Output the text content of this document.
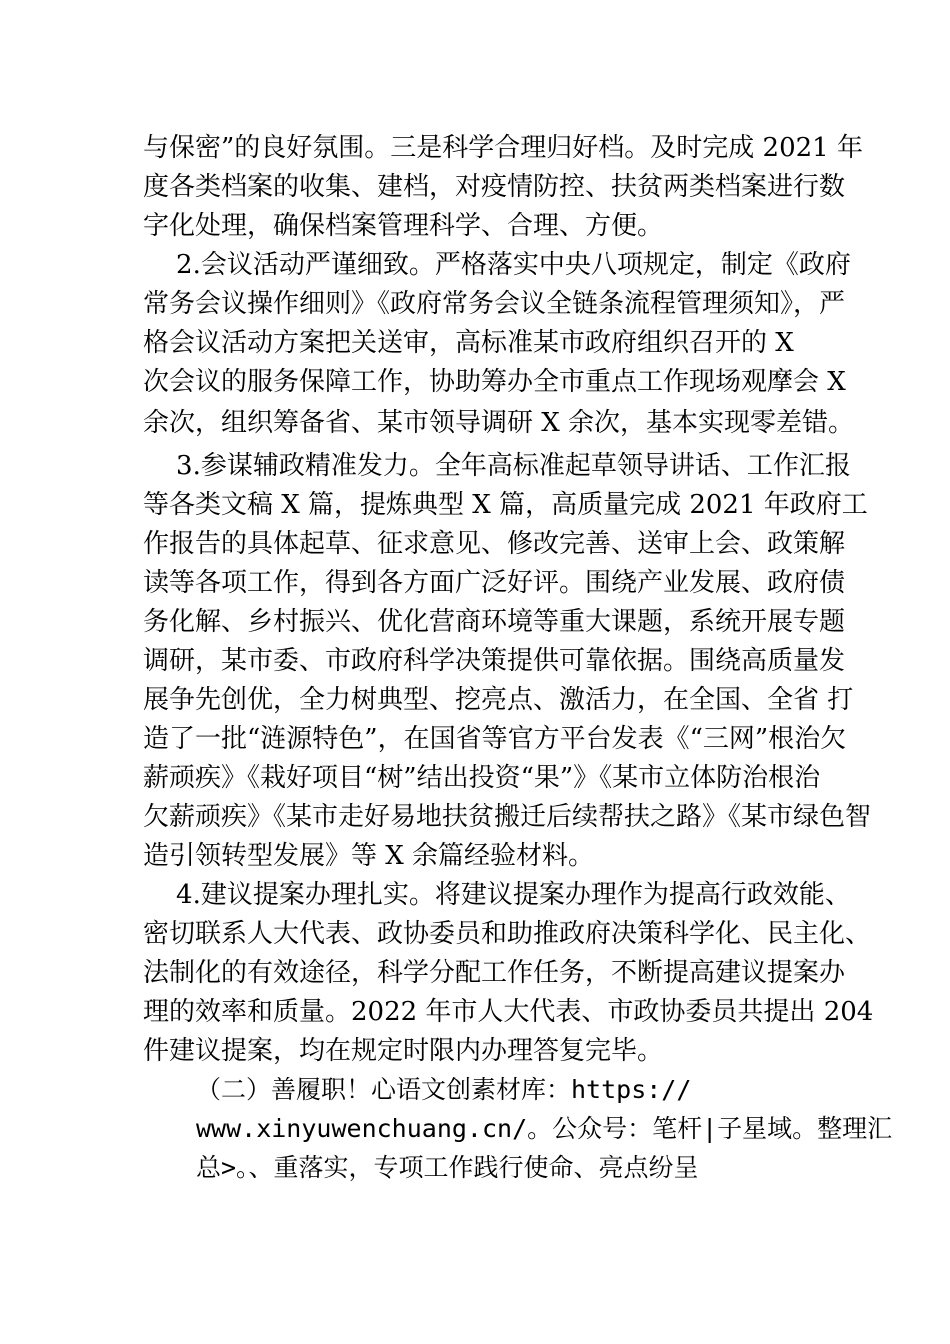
与保密”的良好氛围。三是科学合理归好档。及时完成 2021 年
度各类档案的收集、建档，对疫情防控、扶贫两类档案进行数
字化处理，确保档案管理科学、合理、方便。
2.会议活动严谨细致。严格落实中央八项规定，制定《政府
常务会议操作细则》《政府常务会议全链条流程管理须知》，严
格会议活动方案把关送审，高标准某市政府组织召开的 X
次会议的服务保障工作，协助筹办全市重点工作现场观摩会 X
余次，组织筹备省、某市领导调研 X 余次，基本实现零差错。
3.参谋辅政精准发力。全年高标准起草领导讲话、工作汇报
等各类文稿 X 篇，提炼典型 X 篇，高质量完成 2021 年政府工
作报告的具体起草、征求意见、修改完善、送审上会、政策解
读等各项工作，得到各方面广泛好评。围绕产业发展、政府债
务化解、乡村振兴、优化营商环境等重大课题，系统开展专题
调研，某市委、市政府科学决策提供可靠依据。围绕高质量发
展争先创优，全力树典型、挖亮点、激活力，在全国、全省 打
造了一批“涟源特色”，在国省等官方平台发表《“三网”根治欠
薪顽疾》《栽好项目“树”结出投资“果”》《某市立体防治根治
欠薪顽疾》《某市走好易地扶贫搬迁后续帮扶之路》《某市绿色智
造引领转型发展》等 X 余篇经验材料。
4.建议提案办理扎实。将建议提案办理作为提高行政效能、
密切联系人大代表、政协委员和助推政府决策科学化、民主化、
法制化的有效途径，科学分配工作任务，不断提高建议提案办
理的效率和质量。2022 年市人大代表、市政协委员共提出 204
件建议提案，均在规定时限内办理答复完毕。
（二）善履职！心语文创素材库：https://
www.xinyuwenchuang.cn/。公众号：笔杆|子星域。整理汇
总>。、重落实，专项工作践行使命、亮点纷呈
